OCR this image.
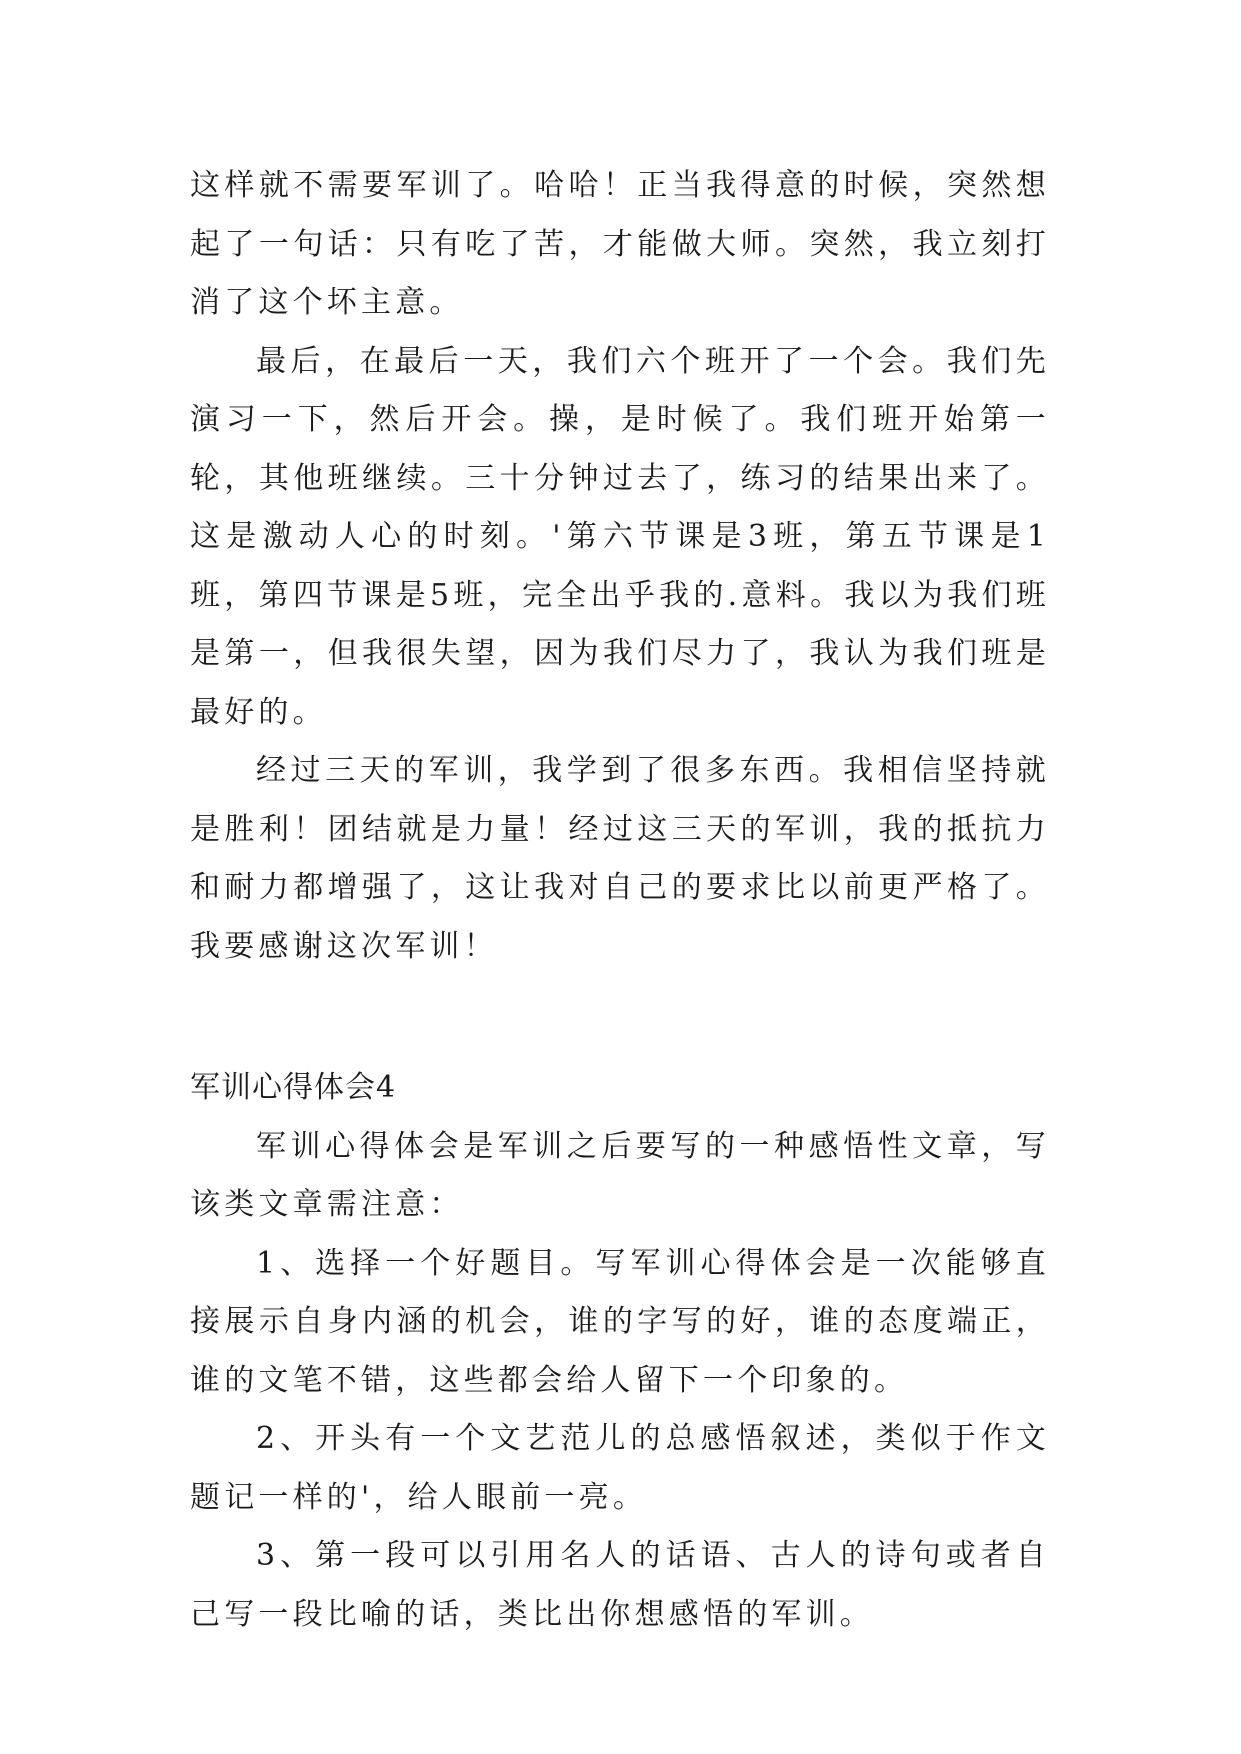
这样就不需要军训了。哈哈！正当我得意的时候，突然想起了一句话：只有吃了苦，才能做大师。突然，我立刻打消了这个坏主意。

最后，在最后一天，我们六个班开了一个会。我们先演习一下，然后开会。操，是时候了。我们班开始第一轮，其他班继续。三十分钟过去了，练习的结果出来了。这是激动人心的时刻。'第六节课是3班，第五节课是1班，第四节课是5班，完全出乎我的.意料。我以为我们班是第一，但我很失望，因为我们尽力了，我认为我们班是最好的。

经过三天的军训，我学到了很多东西。我相信坚持就是胜利！团结就是力量！经过这三天的军训，我的抵抗力和耐力都增强了，这让我对自己的要求比以前更严格了。我要感谢这次军训！

军训心得体会4

军训心得体会是军训之后要写的一种感悟性文章，写该类文章需注意：

1、选择一个好题目。写军训心得体会是一次能够直接展示自身内涵的机会，谁的字写的好，谁的态度端正，谁的文笔不错，这些都会给人留下一个印象的。

2、开头有一个文艺范儿的总感悟叙述，类似于作文题记一样的'，给人眼前一亮。

3、第一段可以引用名人的话语、古人的诗句或者自己写一段比喻的话，类比出你想感悟的军训。
